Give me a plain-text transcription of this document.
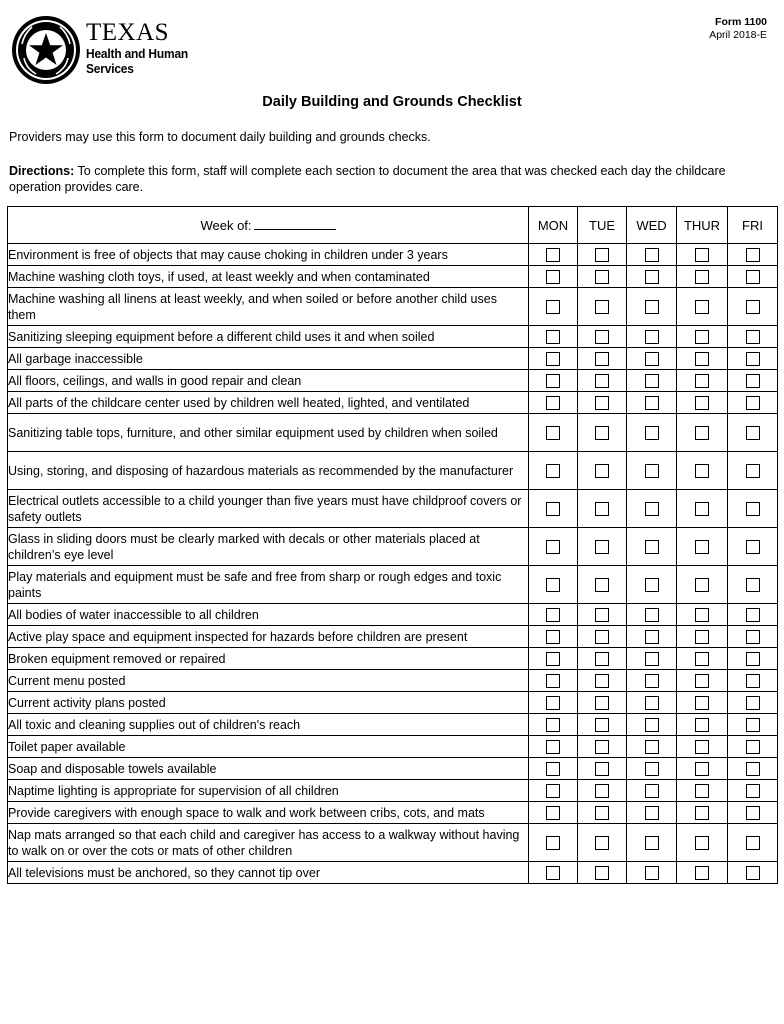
TEXAS
Health and Human
Services
Form 1100
April 2018-E
Daily Building and Grounds Checklist
Providers may use this form to document daily building and grounds checks.
Directions: To complete this form, staff will complete each section to document the area that was checked each day the childcare operation provides care.
Week of:	MON	TUE	WED	THUR	FRI
Environment is free of objects that may cause choking in children under 3 years					
Machine washing cloth toys, if used, at least weekly and when contaminated					
Machine washing all linens at least weekly, and when soiled or before another child uses them					
Sanitizing sleeping equipment before a different child uses it and when soiled					
All garbage inaccessible					
All floors, ceilings, and walls in good repair and clean					
All parts of the childcare center used by children well heated, lighted, and ventilated					
Sanitizing table tops, furniture, and other similar equipment used by children when soiled					
Using, storing, and disposing of hazardous materials as recommended by the manufacturer					
Electrical outlets accessible to a child younger than five years must have childproof covers or safety outlets					
Glass in sliding doors must be clearly marked with decals or other materials placed at children’s eye level					
Play materials and equipment must be safe and free from sharp or rough edges and toxic paints					
All bodies of water inaccessible to all children					
Active play space and equipment inspected for hazards before children are present					
Broken equipment removed or repaired					
Current menu posted					
Current activity plans posted					
All toxic and cleaning supplies out of children's reach					
Toilet paper available					
Soap and disposable towels available					
Naptime lighting is appropriate for supervision of all children					
Provide caregivers with enough space to walk and work between cribs, cots, and mats					
Nap mats arranged so that each child and caregiver has access to a walkway without having to walk on or over the cots or mats of other children					
All televisions must be anchored, so they cannot tip over					
